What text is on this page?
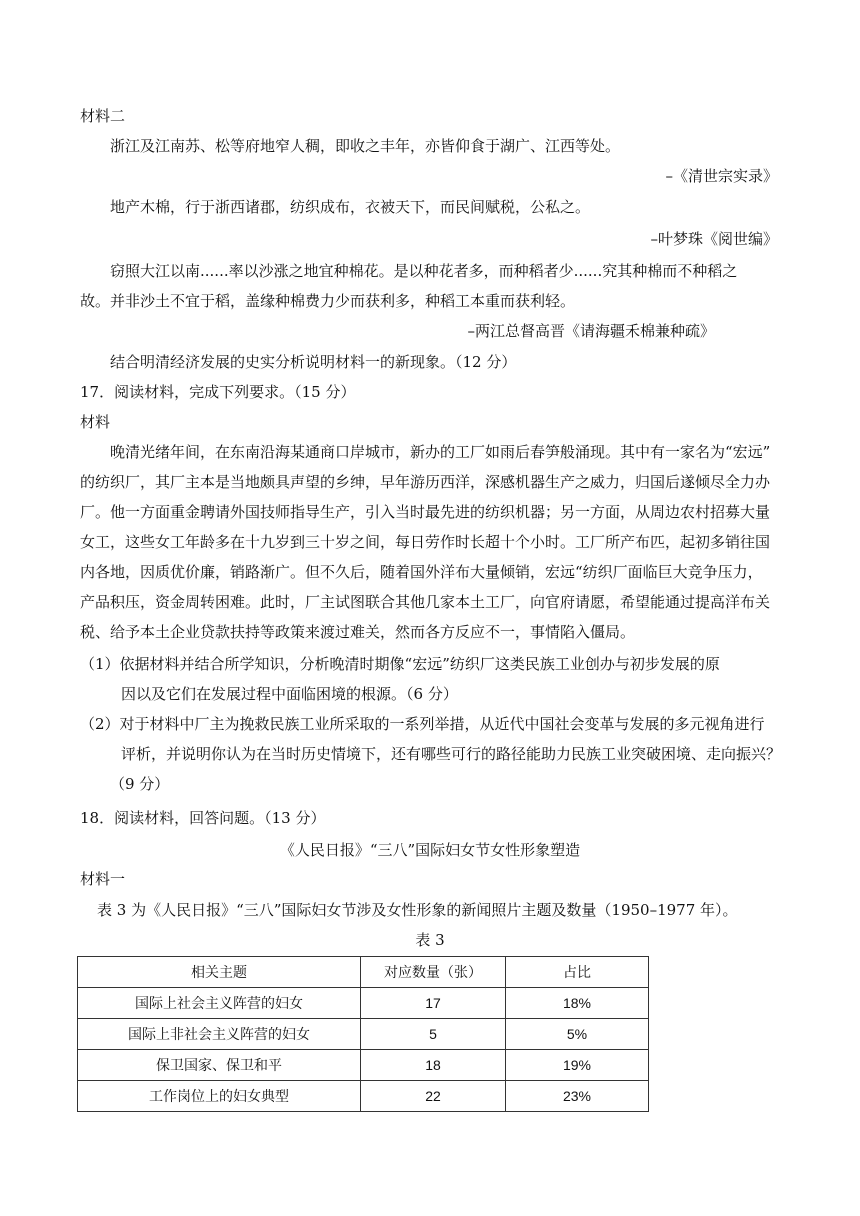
材料二
浙江及江南苏、松等府地窄人稠，即收之丰年，亦皆仰食于湖广、江西等处。
–《清世宗实录》
地产木棉，行于浙西诸郡，纺织成布，衣被天下，而民间赋税，公私之。
–叶梦珠《阅世编》
窃照大江以南......率以沙涨之地宜种棉花。是以种花者多，而种稻者少......究其种棉而不种稻之
故。并非沙土不宜于稻，盖缘种棉费力少而获利多，种稻工本重而获利轻。
–两江总督高晋《请海疆禾棉兼种疏》
结合明清经济发展的史实分析说明材料一的新现象。（12 分）
17．阅读材料，完成下列要求。（15 分）
材料
晚清光绪年间，在东南沿海某通商口岸城市，新办的工厂如雨后春笋般涌现。其中有一家名为“宏远”
的纺织厂，其厂主本是当地颇具声望的乡绅，早年游历西洋，深感机器生产之威力，归国后遂倾尽全力办
厂。他一方面重金聘请外国技师指导生产，引入当时最先进的纺织机器；另一方面，从周边农村招募大量
女工，这些女工年龄多在十九岁到三十岁之间，每日劳作时长超十个小时。工厂所产布匹，起初多销往国
内各地，因质优价廉，销路渐广。但不久后，随着国外洋布大量倾销，宏远“纺织厂面临巨大竞争压力，
产品积压，资金周转困难。此时，厂主试图联合其他几家本土工厂，向官府请愿，希望能通过提高洋布关
税、给予本土企业贷款扶持等政策来渡过难关，然而各方反应不一，事情陷入僵局。
（1）依据材料并结合所学知识，分析晚清时期像“宏远”纺织厂这类民族工业创办与初步发展的原
因以及它们在发展过程中面临困境的根源。（6 分）
（2）对于材料中厂主为挽救民族工业所采取的一系列举措，从近代中国社会变革与发展的多元视角进行
评析，并说明你认为在当时历史情境下，还有哪些可行的路径能助力民族工业突破困境、走向振兴？
（9 分）
18．阅读材料，回答问题。（13 分）
《人民日报》“三八”国际妇女节女性形象塑造
材料一
表 3 为《人民日报》“三八”国际妇女节涉及女性形象的新闻照片主题及数量（1950–1977 年）。
表 3
相关主题	对应数量（张）	占比
国际上社会主义阵营的妇女	17	18%
国际上非社会主义阵营的妇女	5	5%
保卫国家、保卫和平	18	19%
工作岗位上的妇女典型	22	23%
